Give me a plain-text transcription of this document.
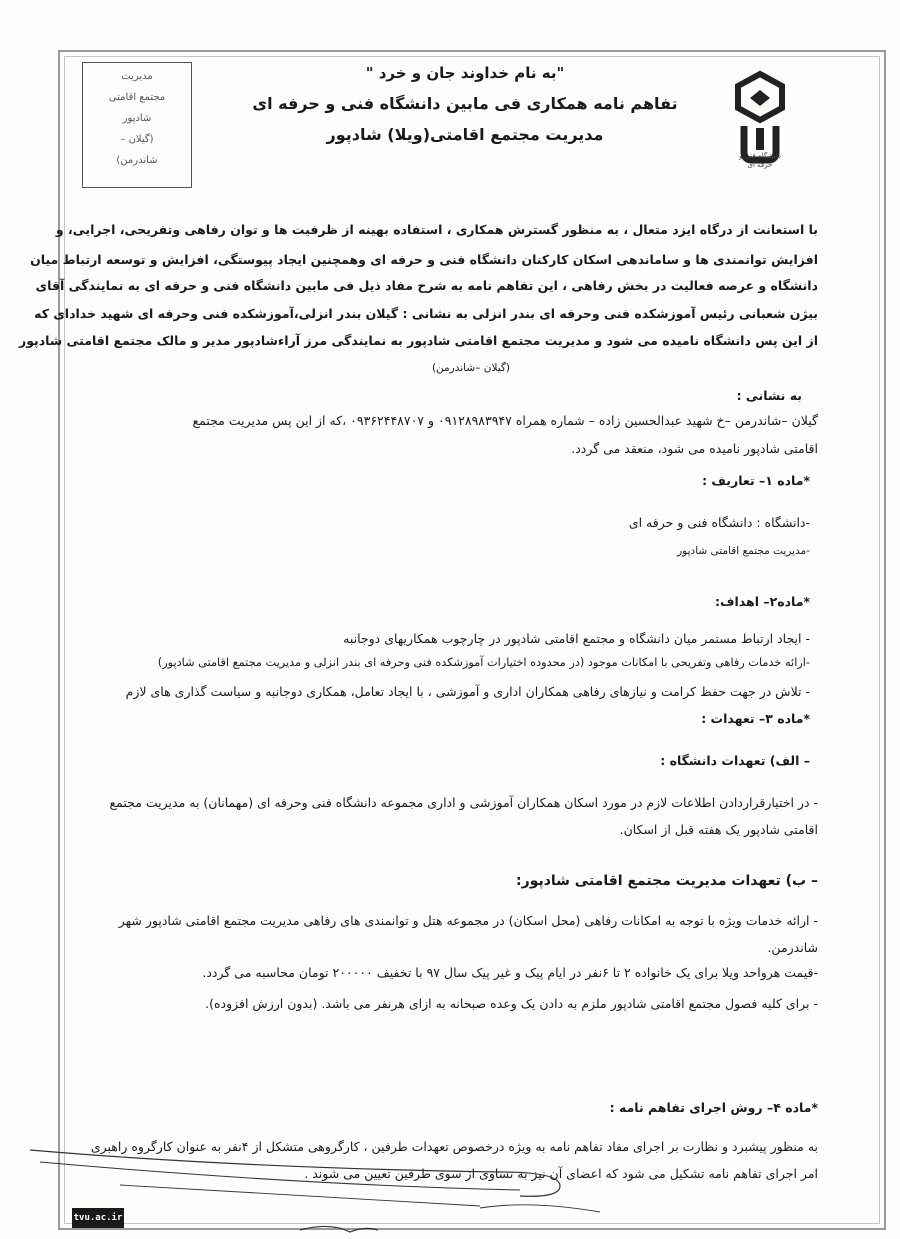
مدیریت
مجتمع اقامتی
شادپور
(گیلان –
شاندرمن)	دانشگاه فنی و حرفه ای
"به نام خداوند جان و خرد "
تفاهم نامه همکاری فی مابین دانشگاه فنی و حرفه ای
مدیریت مجتمع اقامتی(ویلا) شادپور
با استعانت از درگاه ایزد متعال ، به منظور گسترش همکاری ، استفاده بهینه از ظرفیت ها و توان رفاهی وتفریحی، اجرایی، و
افزایش توانمندی ها و ساماندهی اسکان کارکنان دانشگاه فنی و حرفه ای وهمچنین ایجاد پیوستگی، افزایش و توسعه ارتباط میان
دانشگاه و عرصه فعالیت در بخش رفاهی ، این تفاهم نامه به شرح مفاد ذیل فی مابین دانشگاه فنی و حرفه ای به نمایندگی آقای
بیژن شعبانی رئیس آموزشکده فنی وحرفه ای بندر انزلی به نشانی : گیلان بندر انزلی،آموزشکده فنی وحرفه ای شهید خدادای که
از این پس دانشگاه نامیده می شود و مدیریت مجتمع اقامتی شادپور به نمایندگی مرز آراءشادپور مدیر و مالک مجتمع اقامتی شادپور
(گیلان –شاندرمن)
به نشانی :
گیلان –شاندرمن –خ شهید عبدالحسین زاده – شماره همراه ۰۹۱۲۸۹۸۳۹۴۷ و ۰۹۳۶۲۴۴۸۷۰۷ ،که از این پس مدیریت مجتمع
اقامتی شادپور نامیده می شود، منعقد می گردد.
*ماده ۱– تعاریف :
-دانشگاه : دانشگاه فنی و حرفه ای
-مدیریت مجتمع اقامتی شادپور
*ماده۲– اهداف:
- ایجاد ارتباط مستمر میان دانشگاه و مجتمع اقامتی شادپور در چارچوب همکاریهای دوجانبه
-ارائه خدمات رفاهی وتفریحی با امکانات موجود (در محدوده اختیارات آموزشکده فنی وحرفه ای بندر انزلی و مدیریت مجتمع اقامتی شادپور)
- تلاش در جهت حفظ کرامت و نیازهای رفاهی همکاران اداری و آموزشی ، با ایجاد تعامل، همکاری دوجانبه و سیاست گذاری های لازم
*ماده ۳– تعهدات :
– الف) تعهدات دانشگاه :
- در اختیارقراردادن اطلاعات لازم در مورد اسکان همکاران آموزشی و اداری مجموعه دانشگاه فنی وحرفه ای (مهمانان) به مدیریت مجتمع
اقامتی شادپور یک هفته قبل از اسکان.
– ب) تعهدات مدیریت مجتمع اقامتی شادپور:
- ارائه خدمات ویژه با توجه به امکانات رفاهی (محل اسکان) در مجموعه هتل و توانمندی های رفاهی مدیریت مجتمع اقامتی شادپور شهر
شاندرمن.
-قیمت هرواحد ویلا برای یک خانواده ۲ تا ۶نفر در ایام پیک و غیر پیک سال ۹۷ با تخفیف ۲۰۰۰۰۰ تومان محاسبه می گردد.
- برای کلیه فصول مجتمع اقامتی شادپور ملزم به دادن یک وعده صبحانه به ازای هرنفر می باشد. (بدون ارزش افزوده).
*ماده ۴– روش اجرای تفاهم نامه :
به منظور پیشبرد و نظارت بر اجرای مفاد تفاهم نامه به ویژه درخصوص تعهدات طرفین ، کارگروهی متشکل از ۴نفر به عنوان کارگروه راهبری
امر اجرای تفاهم نامه تشکیل می شود که اعضای آن نیز به تساوی از سوی طرفین تعیین می شوند .
tvu.ac.ir
